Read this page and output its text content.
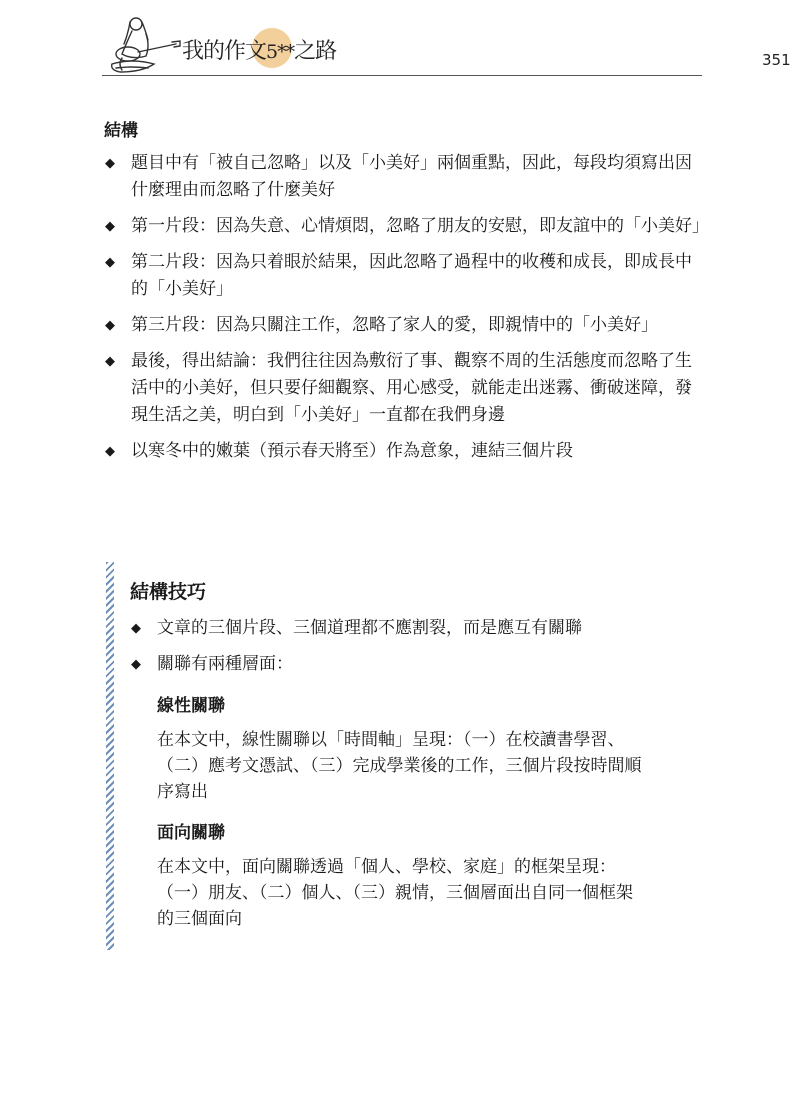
我的作文5**之路	351
結構
◆ 題目中有「被自己忽略」以及「小美好」兩個重點，因此，每段均須寫出因什麼理由而忽略了什麼美好
◆ 第一片段：因為失意、心情煩悶，忽略了朋友的安慰，即友誼中的「小美好」
◆ 第二片段：因為只着眼於結果，因此忽略了過程中的收穫和成長，即成長中的「小美好」
◆ 第三片段：因為只關注工作，忽略了家人的愛，即親情中的「小美好」
◆ 最後，得出結論：我們往往因為敷衍了事、觀察不周的生活態度而忽略了生活中的小美好，但只要仔細觀察、用心感受，就能走出迷霧、衝破迷障，發現生活之美，明白到「小美好」一直都在我們身邊
◆ 以寒冬中的嫩葉（預示春天將至）作為意象，連結三個片段
結構技巧
◆ 文章的三個片段、三個道理都不應割裂，而是應互有關聯
◆ 關聯有兩種層面：
線性關聯
在本文中，線性關聯以「時間軸」呈現：（一）在校讀書學習、（二）應考文憑試、（三）完成學業後的工作，三個片段按時間順序寫出
面向關聯
在本文中，面向關聯透過「個人、學校、家庭」的框架呈現：（一）朋友、（二）個人、（三）親情，三個層面出自同一個框架的三個面向
